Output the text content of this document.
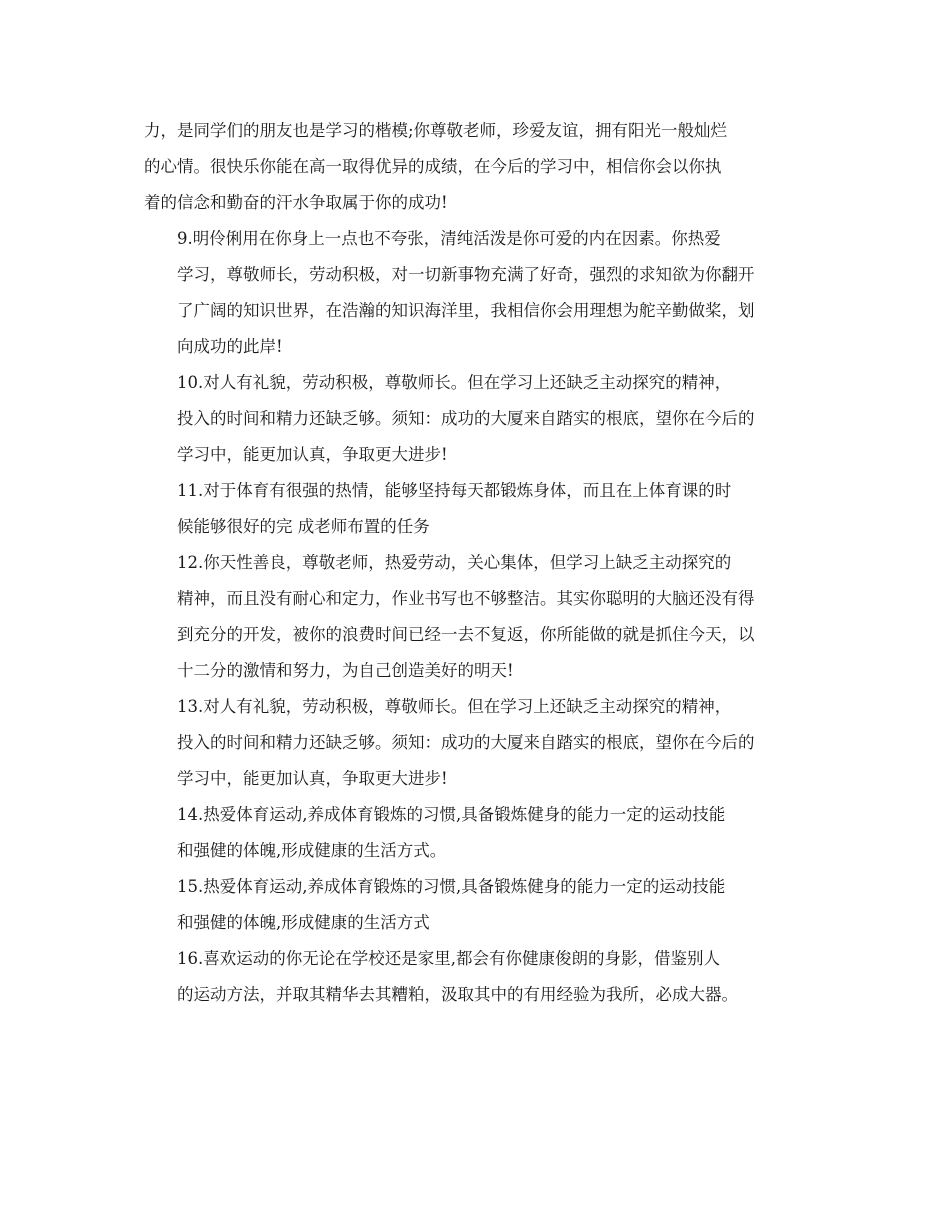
力，是同学们的朋友也是学习的楷模;你尊敬老师，珍爱友谊，拥有阳光一般灿烂
的心情。很快乐你能在高一取得优异的成绩，在今后的学习中，相信你会以你执
着的信念和勤奋的汗水争取属于你的成功!
9.明伶俐用在你身上一点也不夸张，清纯活泼是你可爱的内在因素。你热爱
学习，尊敬师长，劳动积极，对一切新事物充满了好奇，强烈的求知欲为你翻开
了广阔的知识世界，在浩瀚的知识海洋里，我相信你会用理想为舵辛勤做桨，划
向成功的此岸!
10.对人有礼貌，劳动积极，尊敬师长。但在学习上还缺乏主动探究的精神，
投入的时间和精力还缺乏够。须知：成功的大厦来自踏实的根底，望你在今后的
学习中，能更加认真，争取更大进步!
11.对于体育有很强的热情，能够坚持每天都锻炼身体，而且在上体育课的时
候能够很好的完 成老师布置的任务
12.你天性善良，尊敬老师，热爱劳动，关心集体，但学习上缺乏主动探究的
精神，而且没有耐心和定力，作业书写也不够整洁。其实你聪明的大脑还没有得
到充分的开发，被你的浪费时间已经一去不复返，你所能做的就是抓住今天，以
十二分的激情和努力，为自己创造美好的明天!
13.对人有礼貌，劳动积极，尊敬师长。但在学习上还缺乏主动探究的精神，
投入的时间和精力还缺乏够。须知：成功的大厦来自踏实的根底，望你在今后的
学习中，能更加认真，争取更大进步!
14.热爱体育运动,养成体育锻炼的习惯,具备锻炼健身的能力一定的运动技能
和强健的体魄,形成健康的生活方式。
15.热爱体育运动,养成体育锻炼的习惯,具备锻炼健身的能力一定的运动技能
和强健的体魄,形成健康的生活方式
16.喜欢运动的你无论在学校还是家里,都会有你健康俊朗的身影，借鉴别人
的运动方法，并取其精华去其糟粕，汲取其中的有用经验为我所，必成大器。
